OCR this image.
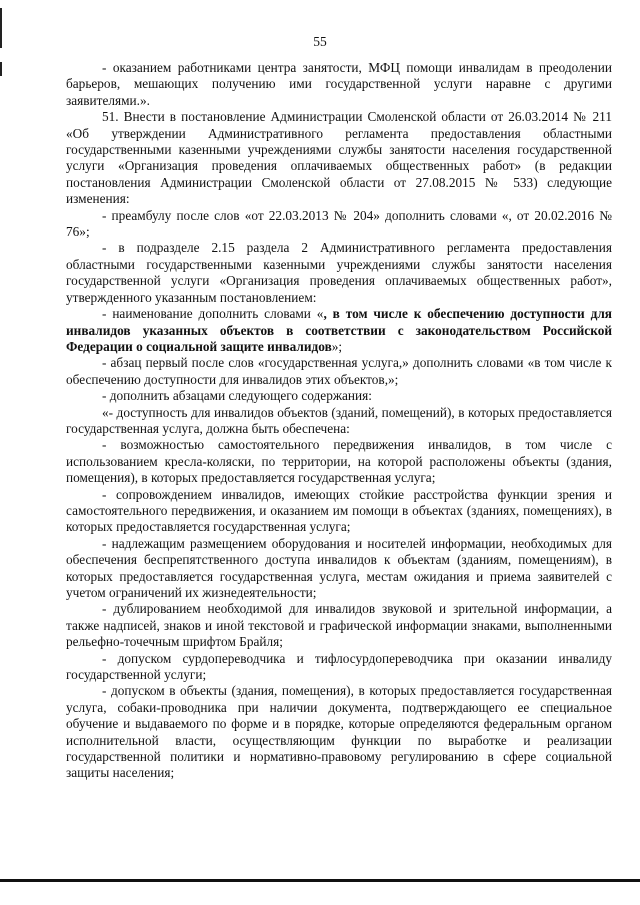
55

- оказанием работниками центра занятости, МФЦ помощи инвалидам в преодолении барьеров, мешающих получению ими государственной услуги наравне с другими заявителями.».

51. Внести в постановление Администрации Смоленской области от 26.03.2014 № 211 «Об утверждении Административного регламента предоставления областными государственными казенными учреждениями службы занятости населения государственной услуги «Организация проведения оплачиваемых общественных работ» (в редакции постановления Администрации Смоленской области от 27.08.2015 № 533) следующие изменения:

- преамбулу после слов «от 22.03.2013 № 204» дополнить словами «, от 20.02.2016 № 76»;

- в подразделе 2.15 раздела 2 Административного регламента предоставления областными государственными казенными учреждениями службы занятости населения государственной услуги «Организация проведения оплачиваемых общественных работ», утвержденного указанным постановлением:

- наименование дополнить словами «, в том числе к обеспечению доступности для инвалидов указанных объектов в соответствии с законодательством Российской Федерации о социальной защите инвалидов»;

- абзац первый после слов «государственная услуга,» дополнить словами «в том числе к обеспечению доступности для инвалидов этих объектов,»;

- дополнить абзацами следующего содержания:

«- доступность для инвалидов объектов (зданий, помещений), в которых предоставляется государственная услуга, должна быть обеспечена:

- возможностью самостоятельного передвижения инвалидов, в том числе с использованием кресла-коляски, по территории, на которой расположены объекты (здания, помещения), в которых предоставляется государственная услуга;

- сопровождением инвалидов, имеющих стойкие расстройства функции зрения и самостоятельного передвижения, и оказанием им помощи в объектах (зданиях, помещениях), в которых предоставляется государственная услуга;

- надлежащим размещением оборудования и носителей информации, необходимых для обеспечения беспрепятственного доступа инвалидов к объектам (зданиям, помещениям), в которых предоставляется государственная услуга, местам ожидания и приема заявителей с учетом ограничений их жизнедеятельности;

- дублированием необходимой для инвалидов звуковой и зрительной информации, а также надписей, знаков и иной текстовой и графической информации знаками, выполненными рельефно-точечным шрифтом Брайля;

- допуском сурдопереводчика и тифлосурдопереводчика при оказании инвалиду государственной услуги;

- допуском в объекты (здания, помещения), в которых предоставляется государственная услуга, собаки-проводника при наличии документа, подтверждающего ее специальное обучение и выдаваемого по форме и в порядке, которые определяются федеральным органом исполнительной власти, осуществляющим функции по выработке и реализации государственной политики и нормативно-правовому регулированию в сфере социальной защиты населения;
